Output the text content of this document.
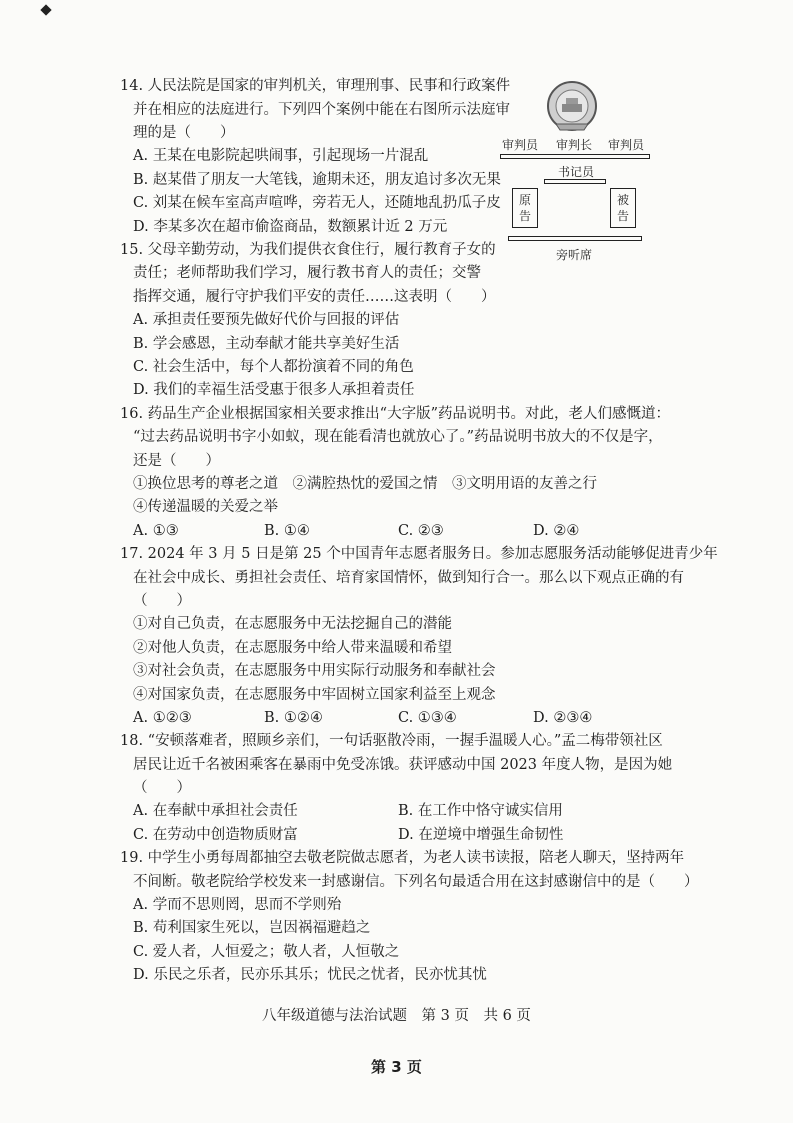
14. 人民法院是国家的审判机关，审理刑事、民事和行政案件
并在相应的法庭进行。下列四个案例中能在右图所示法庭审
理的是（　　）
A. 王某在电影院起哄闹事，引起现场一片混乱
B. 赵某借了朋友一大笔钱，逾期未还，朋友追讨多次无果
C. 刘某在候车室高声喧哗，旁若无人，还随地乱扔瓜子皮
D. 李某多次在超市偷盗商品，数额累计近 2 万元
审判员 审判长 审判员
书记员
原告
被告
旁听席
15. 父母辛勤劳动，为我们提供衣食住行，履行教育子女的
责任；老师帮助我们学习，履行教书育人的责任；交警
指挥交通，履行守护我们平安的责任……这表明（　　）
A. 承担责任要预先做好代价与回报的评估
B. 学会感恩，主动奉献才能共享美好生活
C. 社会生活中，每个人都扮演着不同的角色
D. 我们的幸福生活受惠于很多人承担着责任
16. 药品生产企业根据国家相关要求推出“大字版”药品说明书。对此，老人们感慨道：
“过去药品说明书字小如蚁，现在能看清也就放心了。”药品说明书放大的不仅是字，
还是（　　）
①换位思考的尊老之道　②满腔热忱的爱国之情　③文明用语的友善之行
④传递温暖的关爱之举
A. ①③	B. ①④	C. ②③	D. ②④
17. 2024 年 3 月 5 日是第 25 个中国青年志愿者服务日。参加志愿服务活动能够促进青少年
在社会中成长、勇担社会责任、培育家国情怀，做到知行合一。那么以下观点正确的有
（　　）
①对自己负责，在志愿服务中无法挖掘自己的潜能
②对他人负责，在志愿服务中给人带来温暖和希望
③对社会负责，在志愿服务中用实际行动服务和奉献社会
④对国家负责，在志愿服务中牢固树立国家利益至上观念
A. ①②③	B. ①②④	C. ①③④	D. ②③④
18. “安顿落难者，照顾乡亲们，一句话驱散冷雨，一握手温暖人心。”孟二梅带领社区
居民让近千名被困乘客在暴雨中免受冻饿。获评感动中国 2023 年度人物，是因为她
（　　）
A. 在奉献中承担社会责任	B. 在工作中恪守诚实信用
C. 在劳动中创造物质财富	D. 在逆境中增强生命韧性
19. 中学生小勇每周都抽空去敬老院做志愿者，为老人读书读报，陪老人聊天，坚持两年
不间断。敬老院给学校发来一封感谢信。下列名句最适合用在这封感谢信中的是（　　）
A. 学而不思则罔，思而不学则殆
B. 苟利国家生死以，岂因祸福避趋之
C. 爱人者，人恒爱之；敬人者，人恒敬之
D. 乐民之乐者，民亦乐其乐；忧民之忧者，民亦忧其忧
八年级道德与法治试题　第 3 页　共 6 页
第 3 页
